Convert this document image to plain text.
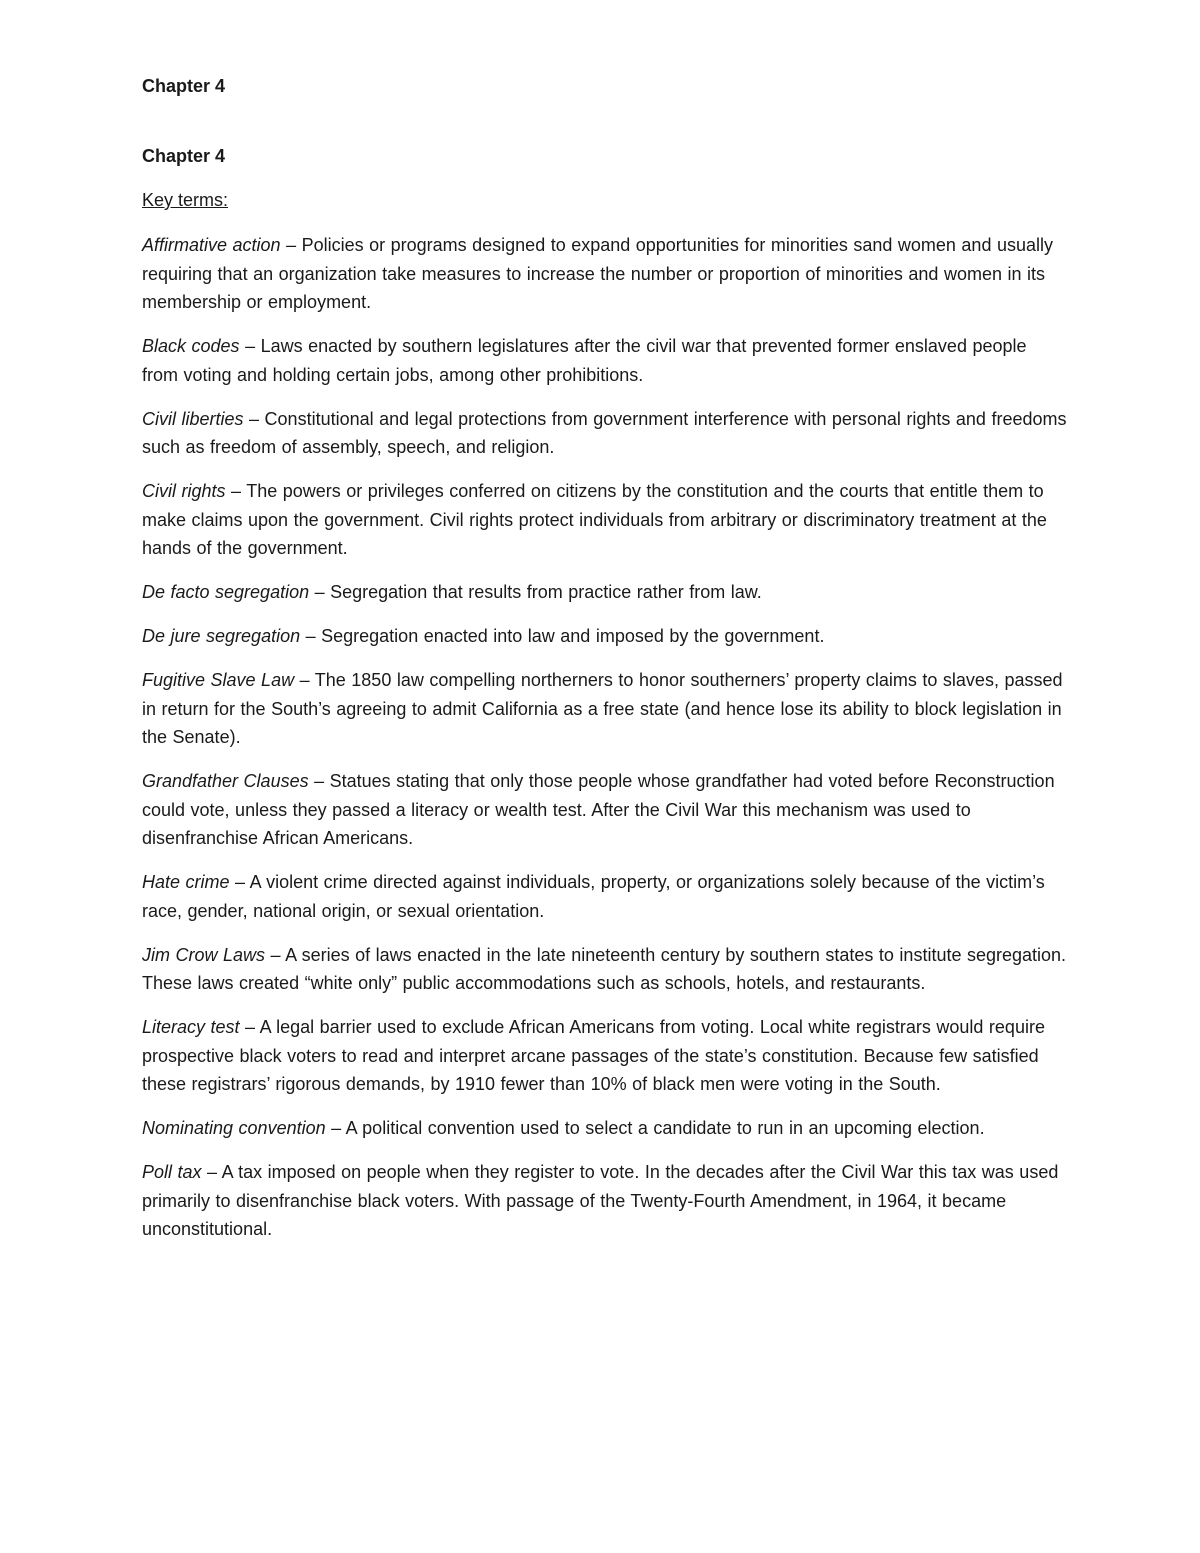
Chapter 4
Chapter 4

Key terms:

Affirmative action – Policies or programs designed to expand opportunities for minorities sand women and usually requiring that an organization take measures to increase the number or proportion of minorities and women in its membership or employment.
Black codes – Laws enacted by southern legislatures after the civil war that prevented former enslaved people from voting and holding certain jobs, among other prohibitions.
Civil liberties – Constitutional and legal protections from government interference with personal rights and freedoms such as freedom of assembly, speech, and religion.
Civil rights – The powers or privileges conferred on citizens by the constitution and the courts that entitle them to make claims upon the government. Civil rights protect individuals from arbitrary or discriminatory treatment at the hands of the government.
De facto segregation – Segregation that results from practice rather from law.
De jure segregation – Segregation enacted into law and imposed by the government.
Fugitive Slave Law – The 1850 law compelling northerners to honor southerners’ property claims to slaves, passed in return for the South’s agreeing to admit California as a free state (and hence lose its ability to block legislation in the Senate).
Grandfather Clauses – Statues stating that only those people whose grandfather had voted before Reconstruction could vote, unless they passed a literacy or wealth test. After the Civil War this mechanism was used to disenfranchise African Americans.
Hate crime – A violent crime directed against individuals, property, or organizations solely because of the victim’s race, gender, national origin, or sexual orientation.
Jim Crow Laws – A series of laws enacted in the late nineteenth century by southern states to institute segregation. These laws created “white only” public accommodations such as schools, hotels, and restaurants.
Literacy test – A legal barrier used to exclude African Americans from voting. Local white registrars would require prospective black voters to read and interpret arcane passages of the state’s constitution. Because few satisfied these registrars’ rigorous demands, by 1910 fewer than 10% of black men were voting in the South.
Nominating convention – A political convention used to select a candidate to run in an upcoming election.
Poll tax – A tax imposed on people when they register to vote. In the decades after the Civil War this tax was used primarily to disenfranchise black voters. With passage of the Twenty-Fourth Amendment, in 1964, it became unconstitutional.
